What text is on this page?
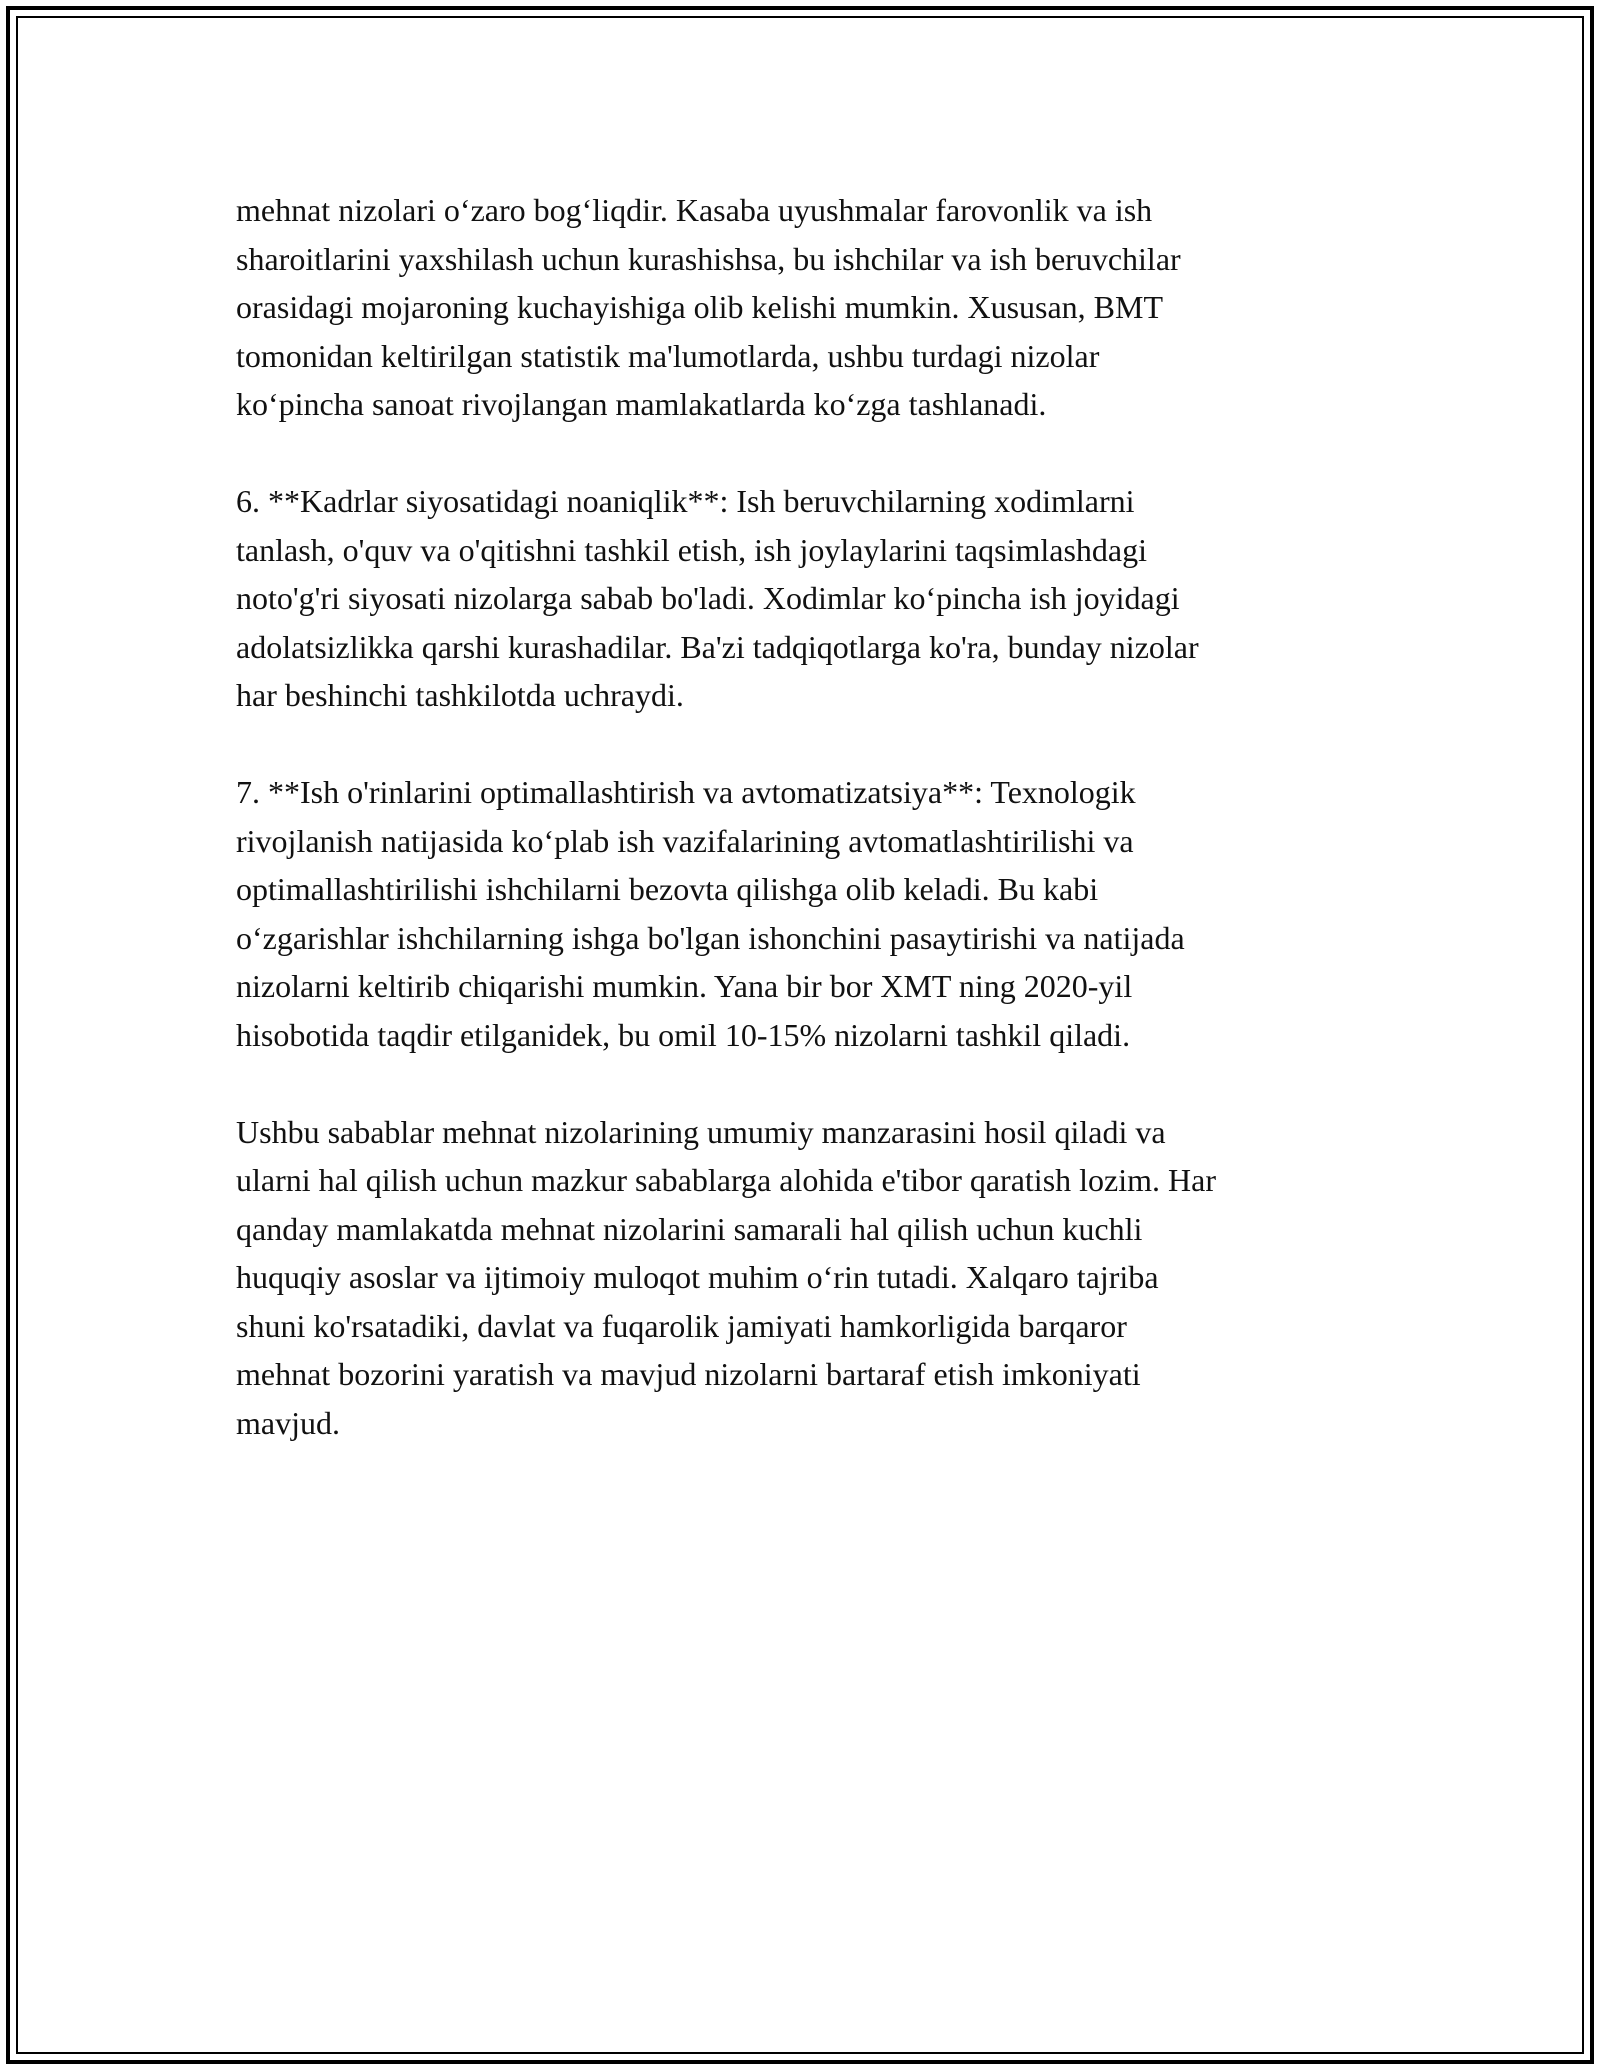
mehnat nizolari o‘zaro bog‘liqdir. Kasaba uyushmalar farovonlik va ish
sharoitlarini yaxshilash uchun kurashishsa, bu ishchilar va ish beruvchilar
orasidagi mojaroning kuchayishiga olib kelishi mumkin. Xususan, BMT
tomonidan keltirilgan statistik ma'lumotlarda, ushbu turdagi nizolar
ko‘pincha sanoat rivojlangan mamlakatlarda ko‘zga tashlanadi.

6. **Kadrlar siyosatidagi noaniqlik**: Ish beruvchilarning xodimlarni
tanlash, o'quv va o'qitishni tashkil etish, ish joylaylarini taqsimlashdagi
noto'g'ri siyosati nizolarga sabab bo'ladi. Xodimlar ko‘pincha ish joyidagi
adolatsizlikka qarshi kurashadilar. Ba'zi tadqiqotlarga ko'ra, bunday nizolar
har beshinchi tashkilotda uchraydi.

7. **Ish o'rinlarini optimallashtirish va avtomatizatsiya**: Texnologik
rivojlanish natijasida ko‘plab ish vazifalarining avtomatlashtirilishi va
optimallashtirilishi ishchilarni bezovta qilishga olib keladi. Bu kabi
o‘zgarishlar ishchilarning ishga bo'lgan ishonchini pasaytirishi va natijada
nizolarni keltirib chiqarishi mumkin. Yana bir bor XMT ning 2020-yil
hisobotida taqdir etilganidek, bu omil 10-15% nizolarni tashkil qiladi.

Ushbu sabablar mehnat nizolarining umumiy manzarasini hosil qiladi va
ularni hal qilish uchun mazkur sabablarga alohida e'tibor qaratish lozim. Har
qanday mamlakatda mehnat nizolarini samarali hal qilish uchun kuchli
huquqiy asoslar va ijtimoiy muloqot muhim o‘rin tutadi. Xalqaro tajriba
shuni ko'rsatadiki, davlat va fuqarolik jamiyati hamkorligida barqaror
mehnat bozorini yaratish va mavjud nizolarni bartaraf etish imkoniyati
mavjud.
